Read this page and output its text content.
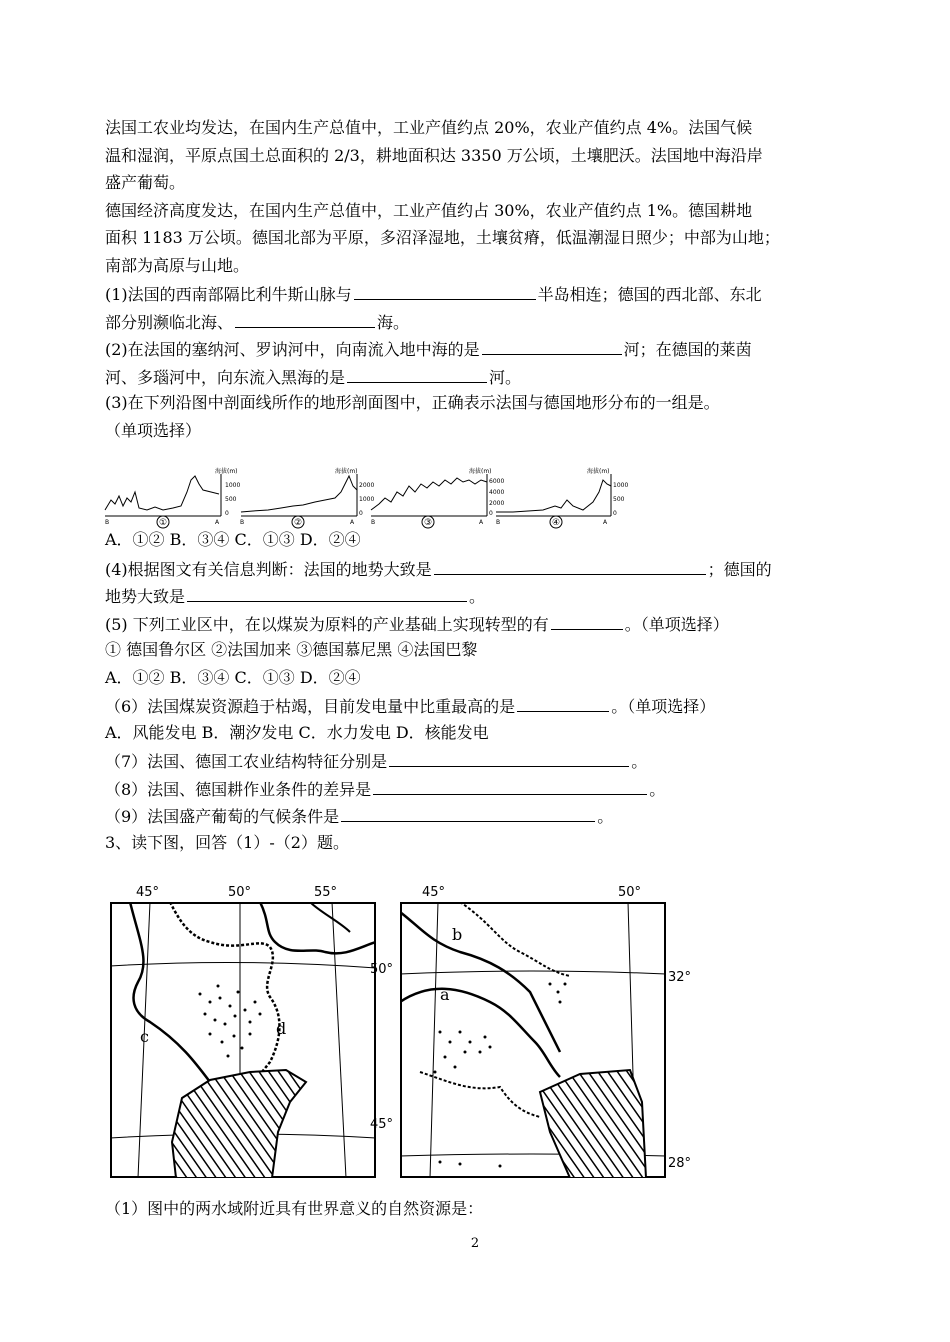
法国工农业均发达，在国内生产总值中，工业产值约点 20%，农业产值约点 4%。法国气候
温和湿润，平原点国土总面积的 2/3，耕地面积达 3350 万公顷，土壤肥沃。法国地中海沿岸
盛产葡萄。
德国经济高度发达，在国内生产总值中，工业产值约占 30%，农业产值约点 1%。德国耕地
面积 1183 万公顷。德国北部为平原，多沼泽湿地，土壤贫瘠，低温潮湿日照少；中部为山地；
南部为高原与山地。
(1)法国的西南部隔比利牛斯山脉与	半岛相连；德国的西北部、东北
部分别濒临北海、	海。
(2)在法国的塞纳河、罗讷河中，向南流入地中海的是	河；在德国的莱茵
河、多瑙河中，向东流入黑海的是	河。
(3)在下列沿图中剖面线所作的地形剖面图中，正确表示法国与德国地形分布的一组是。
（单项选择）
A．①② B．③④ C．①③ D．②④
(4)根据图文有关信息判断：法国的地势大致是	；德国的
地势大致是	。
(5) 下列工业区中，在以煤炭为原料的产业基础上实现转型的有	。（单项选择）
① 德国鲁尔区 ②法国加来 ③德国慕尼黑 ④法国巴黎
A．①② B．③④ C．①③ D．②④
（6）法国煤炭资源趋于枯竭，目前发电量中比重最高的是	。（单项选择）
A．风能发电 B．潮汐发电 C．水力发电 D．核能发电
（7）法国、德国工农业结构特征分别是	。
（8）法国、德国耕作业条件的差异是	。
（9）法国盛产葡萄的气候条件是	。
3、读下图，回答（1）-（2）题。
海拔(m)
1000
500
0
B	A
海拔(m)
2000
1000
0
B	A
海拔(m)
6000
4000
2000
0
B	A
海拔(m)
1000
500
0
B	A
①	②	③	④
45°	50°	55°	45°	50°
c	d
50°
45°
b
a
32°
28°
（1）图中的两水域附近具有世界意义的自然资源是：
2
